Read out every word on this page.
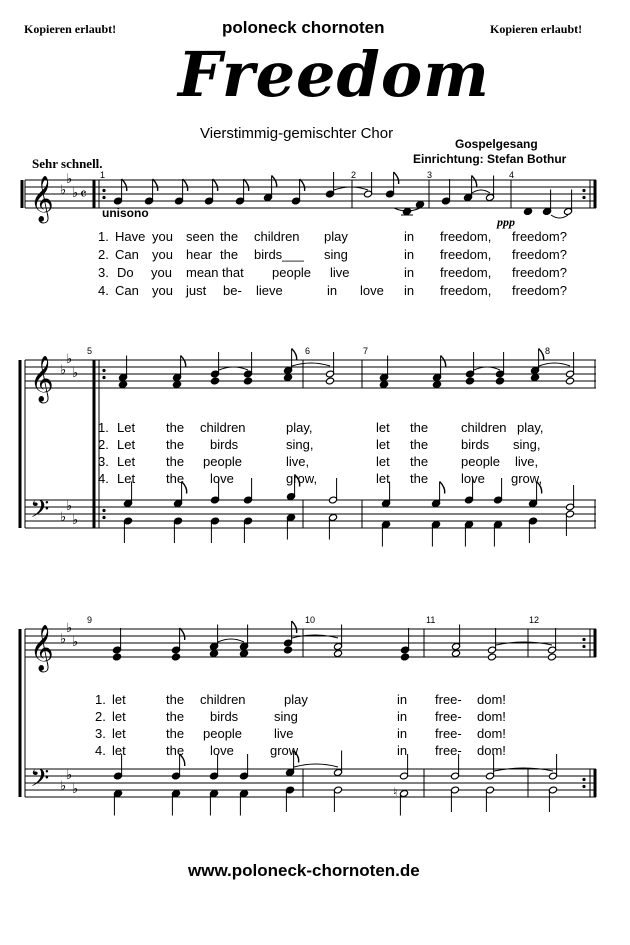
Kopieren erlaubt!	poloneck chornoten	Kopieren erlaubt!
Freedom
Vierstimmig-gemischter Chor
Gospelgesang
Einrichtung: Stefan Bothur
Sehr schnell.
unisono
ppp
1	2	3	4
5	6	7	8
9	10	11	12
1. Have you seen the children play	in freedom, freedom?
2. Can you hear the birds___ sing	in freedom, freedom?
3. Do you mean that people live	in freedom, freedom?
4. Can you just be- lieve	in love in freedom, freedom?
1. Let the children	play,	let the	children play,
2. Let the birds	sing,	let the	birds sing,
3. Let the people	live,	let the	people live,
4. Let the love	grow,	let the	love grow,
1. let	the children	play	in free- dom!
2. let	the birds	sing	in free- dom!
3. let	the people live	in free- dom!
4. let	the love	grow	in free- dom!
www.poloneck-chornoten.de
𝄞 ♭
♭
♭ 𝄴
𝄞 ♭
♭
♭
𝄢 ♭
♭
♭
𝄞 ♭
♭
♭
𝄢 ♭
♭
♭	♮
